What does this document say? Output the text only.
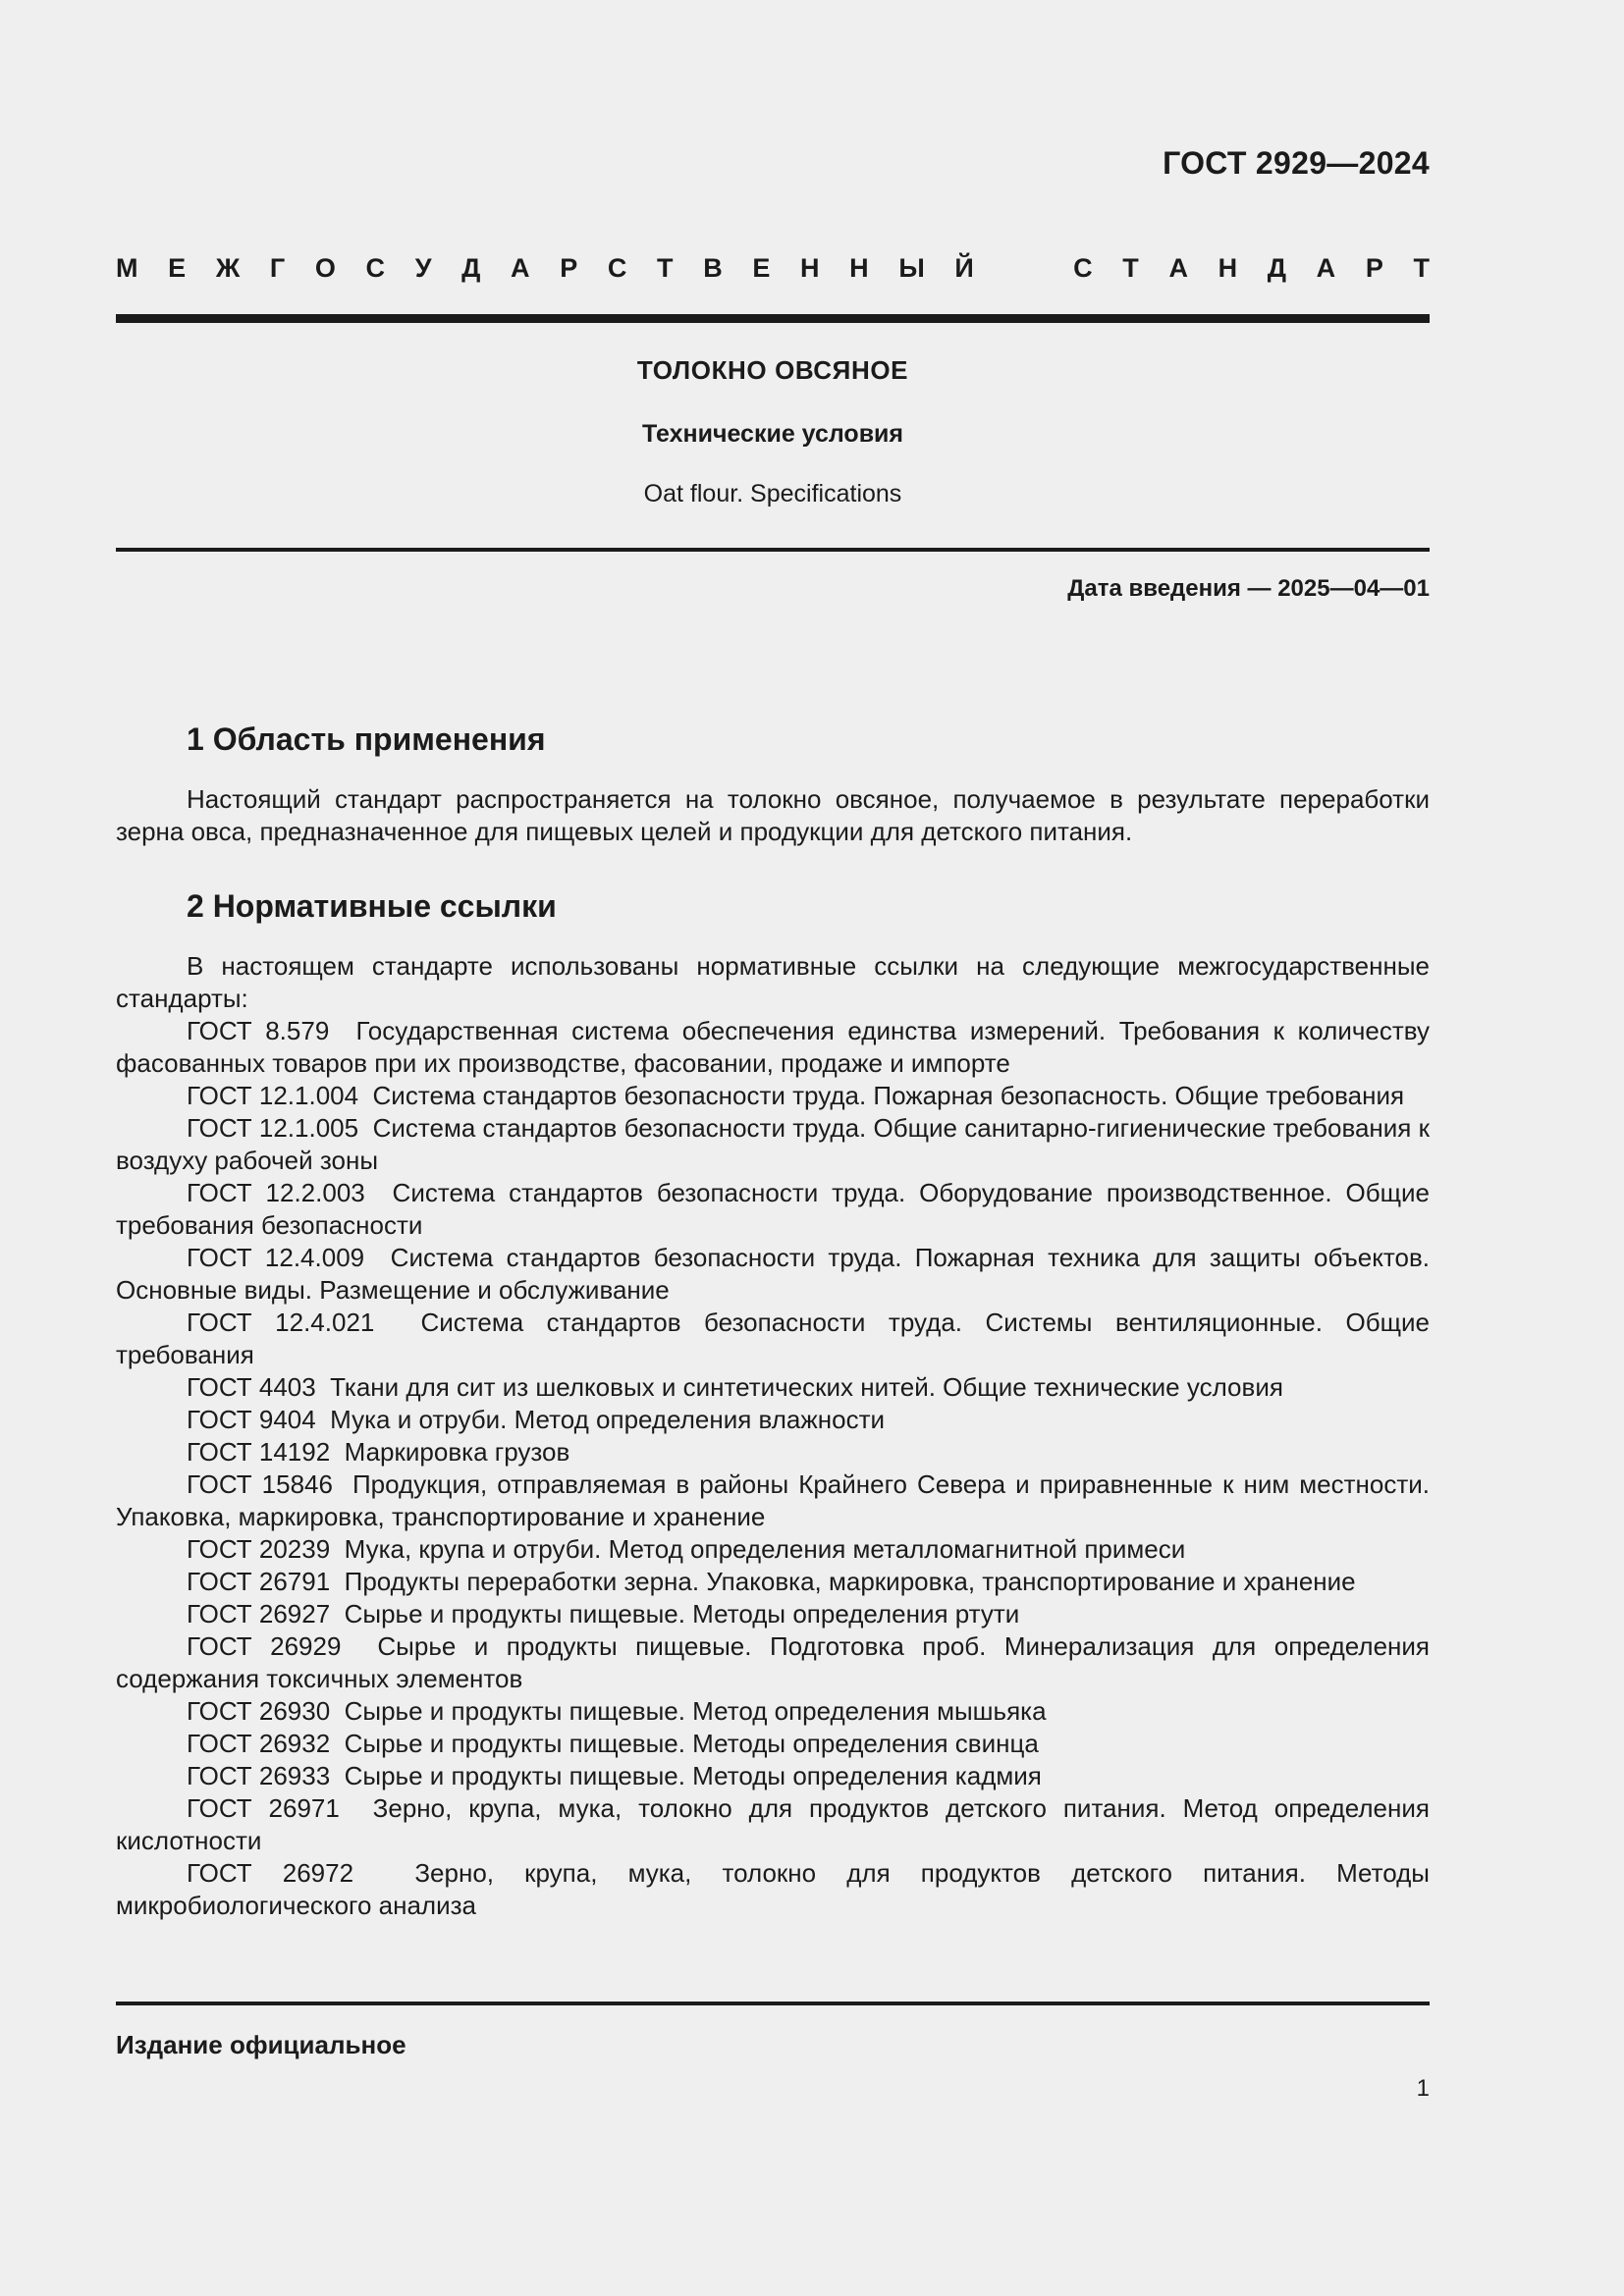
ГОСТ 2929—2024
М Е Ж Г О С У Д А Р С Т В Е Н Н Ы Й	С Т А Н Д А Р Т
ТОЛОКНО ОВСЯНОЕ
Технические условия
Oat flour. Specifications
Дата введения — 2025—04—01
1 Область применения

Настоящий стандарт распространяется на толокно овсяное, получаемое в результате переработки зерна овса, предназначенное для пищевых целей и продукции для детского питания.

2 Нормативные ссылки

В настоящем стандарте использованы нормативные ссылки на следующие межгосударственные стандарты:

ГОСТ 8.579 Государственная система обеспечения единства измерений. Требования к количеству фасованных товаров при их производстве, фасовании, продаже и импорте

ГОСТ 12.1.004 Система стандартов безопасности труда. Пожарная безопасность. Общие требования

ГОСТ 12.1.005 Система стандартов безопасности труда. Общие санитарно-гигиенические требования к воздуху рабочей зоны

ГОСТ 12.2.003 Система стандартов безопасности труда. Оборудование производственное. Общие требования безопасности

ГОСТ 12.4.009 Система стандартов безопасности труда. Пожарная техника для защиты объектов. Основные виды. Размещение и обслуживание

ГОСТ 12.4.021 Система стандартов безопасности труда. Системы вентиляционные. Общие требования

ГОСТ 4403 Ткани для сит из шелковых и синтетических нитей. Общие технические условия

ГОСТ 9404 Мука и отруби. Метод определения влажности

ГОСТ 14192 Маркировка грузов

ГОСТ 15846 Продукция, отправляемая в районы Крайнего Севера и приравненные к ним местности. Упаковка, маркировка, транспортирование и хранение

ГОСТ 20239 Мука, крупа и отруби. Метод определения металломагнитной примеси

ГОСТ 26791 Продукты переработки зерна. Упаковка, маркировка, транспортирование и хранение

ГОСТ 26927 Сырье и продукты пищевые. Методы определения ртути

ГОСТ 26929 Сырье и продукты пищевые. Подготовка проб. Минерализация для определения содержания токсичных элементов

ГОСТ 26930 Сырье и продукты пищевые. Метод определения мышьяка

ГОСТ 26932 Сырье и продукты пищевые. Методы определения свинца

ГОСТ 26933 Сырье и продукты пищевые. Методы определения кадмия

ГОСТ 26971 Зерно, крупа, мука, толокно для продуктов детского питания. Метод определения кислотности

ГОСТ 26972 Зерно, крупа, мука, толокно для продуктов детского питания. Методы микробиологического анализа

Издание официальное
1
